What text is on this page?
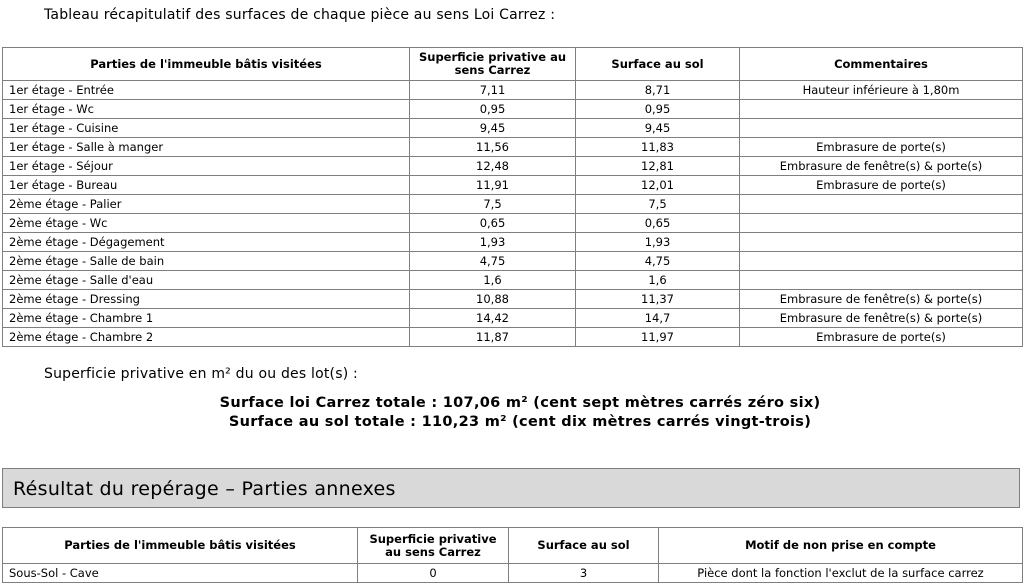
Tableau récapitulatif des surfaces de chaque pièce au sens Loi Carrez :
Parties de l'immeuble bâtis visitées	Superficie privative au sens Carrez	Surface au sol	Commentaires
1er étage - Entrée	7,11	8,71	Hauteur inférieure à 1,80m
1er étage - Wc	0,95	0,95	
1er étage - Cuisine	9,45	9,45	
1er étage - Salle à manger	11,56	11,83	Embrasure de porte(s)
1er étage - Séjour	12,48	12,81	Embrasure de fenêtre(s) & porte(s)
1er étage - Bureau	11,91	12,01	Embrasure de porte(s)
2ème étage - Palier	7,5	7,5	
2ème étage - Wc	0,65	0,65	
2ème étage - Dégagement	1,93	1,93	
2ème étage - Salle de bain	4,75	4,75	
2ème étage - Salle d'eau	1,6	1,6	
2ème étage - Dressing	10,88	11,37	Embrasure de fenêtre(s) & porte(s)
2ème étage - Chambre 1	14,42	14,7	Embrasure de fenêtre(s) & porte(s)
2ème étage - Chambre 2	11,87	11,97	Embrasure de porte(s)
Superficie privative en m² du ou des lot(s) :
Surface loi Carrez totale : 107,06 m² (cent sept mètres carrés zéro six)
Surface au sol totale : 110,23 m² (cent dix mètres carrés vingt-trois)
Résultat du repérage – Parties annexes
Parties de l'immeuble bâtis visitées	Superficie privative au sens Carrez	Surface au sol	Motif de non prise en compte
Sous-Sol - Cave	0	3	Pièce dont la fonction l'exclut de la surface carrez
